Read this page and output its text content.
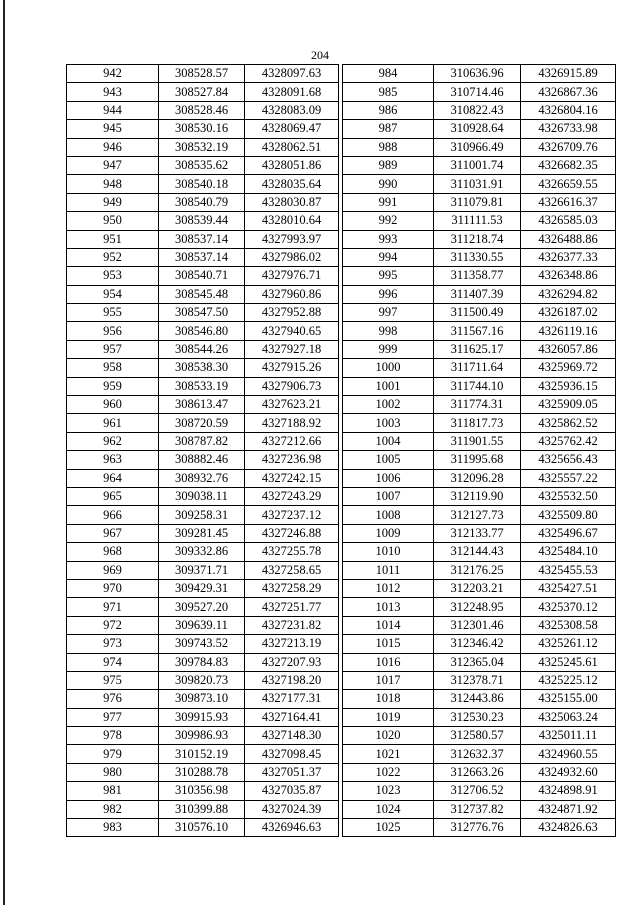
204
942	308528.57	4328097.63
943	308527.84	4328091.68
944	308528.46	4328083.09
945	308530.16	4328069.47
946	308532.19	4328062.51
947	308535.62	4328051.86
948	308540.18	4328035.64
949	308540.79	4328030.87
950	308539.44	4328010.64
951	308537.14	4327993.97
952	308537.14	4327986.02
953	308540.71	4327976.71
954	308545.48	4327960.86
955	308547.50	4327952.88
956	308546.80	4327940.65
957	308544.26	4327927.18
958	308538.30	4327915.26
959	308533.19	4327906.73
960	308613.47	4327623.21
961	308720.59	4327188.92
962	308787.82	4327212.66
963	308882.46	4327236.98
964	308932.76	4327242.15
965	309038.11	4327243.29
966	309258.31	4327237.12
967	309281.45	4327246.88
968	309332.86	4327255.78
969	309371.71	4327258.65
970	309429.31	4327258.29
971	309527.20	4327251.77
972	309639.11	4327231.82
973	309743.52	4327213.19
974	309784.83	4327207.93
975	309820.73	4327198.20
976	309873.10	4327177.31
977	309915.93	4327164.41
978	309986.93	4327148.30
979	310152.19	4327098.45
980	310288.78	4327051.37
981	310356.98	4327035.87
982	310399.88	4327024.39
983	310576.10	4326946.63
984	310636.96	4326915.89
985	310714.46	4326867.36
986	310822.43	4326804.16
987	310928.64	4326733.98
988	310966.49	4326709.76
989	311001.74	4326682.35
990	311031.91	4326659.55
991	311079.81	4326616.37
992	311111.53	4326585.03
993	311218.74	4326488.86
994	311330.55	4326377.33
995	311358.77	4326348.86
996	311407.39	4326294.82
997	311500.49	4326187.02
998	311567.16	4326119.16
999	311625.17	4326057.86
1000	311711.64	4325969.72
1001	311744.10	4325936.15
1002	311774.31	4325909.05
1003	311817.73	4325862.52
1004	311901.55	4325762.42
1005	311995.68	4325656.43
1006	312096.28	4325557.22
1007	312119.90	4325532.50
1008	312127.73	4325509.80
1009	312133.77	4325496.67
1010	312144.43	4325484.10
1011	312176.25	4325455.53
1012	312203.21	4325427.51
1013	312248.95	4325370.12
1014	312301.46	4325308.58
1015	312346.42	4325261.12
1016	312365.04	4325245.61
1017	312378.71	4325225.12
1018	312443.86	4325155.00
1019	312530.23	4325063.24
1020	312580.57	4325011.11
1021	312632.37	4324960.55
1022	312663.26	4324932.60
1023	312706.52	4324898.91
1024	312737.82	4324871.92
1025	312776.76	4324826.63
